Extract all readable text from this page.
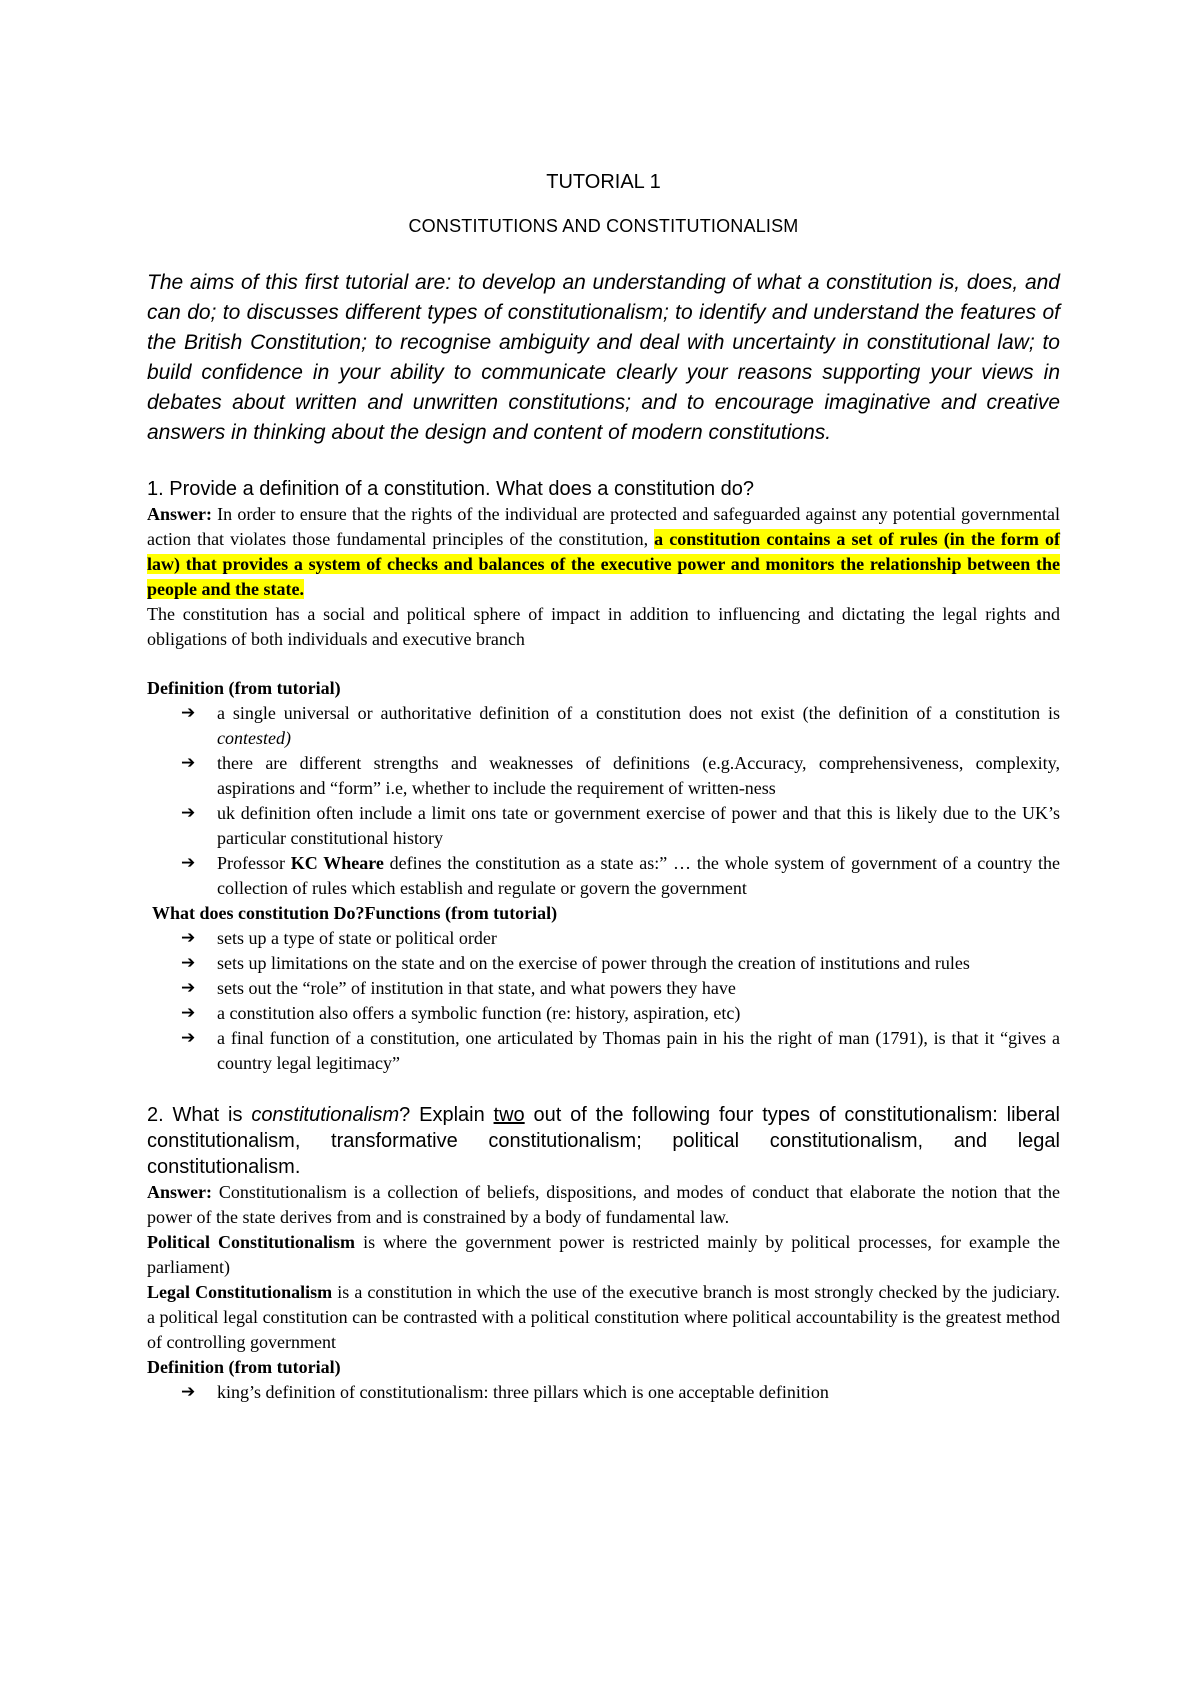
TUTORIAL 1

CONSTITUTIONS AND CONSTITUTIONALISM

The aims of this first tutorial are: to develop an understanding of what a constitution is, does, and can do; to discusses different types of constitutionalism; to identify and understand the features of the British Constitution; to recognise ambiguity and deal with uncertainty in constitutional law; to build confidence in your ability to communicate clearly your reasons supporting your views in debates about written and unwritten constitutions; and to encourage imaginative and creative answers in thinking about the design and content of modern constitutions.

1. Provide a definition of a constitution. What does a constitution do?

Answer: In order to ensure that the rights of the individual are protected and safeguarded against any potential governmental action that violates those fundamental principles of the constitution, a constitution contains a set of rules (in the form of law) that provides a system of checks and balances of the executive power and monitors the relationship between the people and the state.

The constitution has a social and political sphere of impact in addition to influencing and dictating the legal rights and obligations of both individuals and executive branch

Definition (from tutorial)

➔ a single universal or authoritative definition of a constitution does not exist (the definition of a constitution is contested)
➔ there are different strengths and weaknesses of definitions (e.g.Accuracy, comprehensiveness, complexity, aspirations and “form” i.e, whether to include the requirement of written-ness
➔ uk definition often include a limit ons tate or government exercise of power and that this is likely due to the UK’s particular constitutional history
➔ Professor KC Wheare defines the constitution as a state as:” … the whole system of government of a country the collection of rules which establish and regulate or govern the government

What does constitution Do?Functions (from tutorial)

➔ sets up a type of state or political order
➔ sets up limitations on the state and on the exercise of power through the creation of institutions and rules
➔ sets out the “role” of institution in that state, and what powers they have
➔ a constitution also offers a symbolic function (re: history, aspiration, etc)
➔ a final function of a constitution, one articulated by Thomas pain in his the right of man (1791), is that it “gives a country legal legitimacy”

2. What is constitutionalism? Explain two out of the following four types of constitutionalism: liberal constitutionalism, transformative constitutionalism; political constitutionalism, and legal constitutionalism.

Answer: Constitutionalism is a collection of beliefs, dispositions, and modes of conduct that elaborate the notion that the power of the state derives from and is constrained by a body of fundamental law.

Political Constitutionalism is where the government power is restricted mainly by political processes, for example the parliament)

Legal Constitutionalism is a constitution in which the use of the executive branch is most strongly checked by the judiciary. a political legal constitution can be contrasted with a political constitution where political accountability is the greatest method of controlling government

Definition (from tutorial)

➔ king’s definition of constitutionalism: three pillars which is one acceptable definition
